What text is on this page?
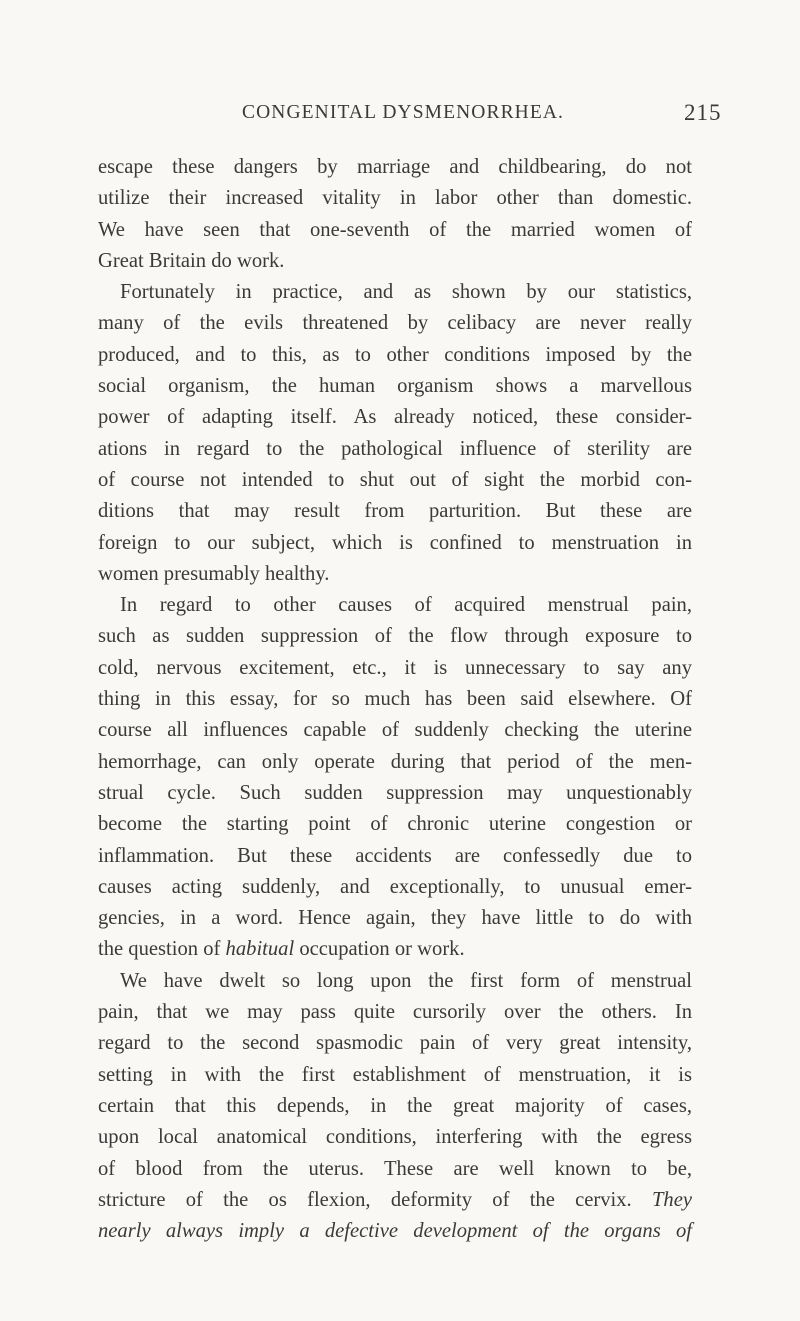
CONGENITAL DYSMENORRHEA.	215
escape these dangers by marriage and childbearing, do not
utilize their increased vitality in labor other than domestic.
We have seen that one-seventh of the married women of
Great Britain do work.
Fortunately in practice, and as shown by our statistics,
many of the evils threatened by celibacy are never really
produced, and to this, as to other conditions imposed by the
social organism, the human organism shows a marvellous
power of adapting itself. As already noticed, these consider-
ations in regard to the pathological influence of sterility are
of course not intended to shut out of sight the morbid con-
ditions that may result from parturition. But these are
foreign to our subject, which is confined to menstruation in
women presumably healthy.
In regard to other causes of acquired menstrual pain,
such as sudden suppression of the flow through exposure to
cold, nervous excitement, etc., it is unnecessary to say any
thing in this essay, for so much has been said elsewhere. Of
course all influences capable of suddenly checking the uterine
hemorrhage, can only operate during that period of the men-
strual cycle. Such sudden suppression may unquestionably
become the starting point of chronic uterine congestion or
inflammation. But these accidents are confessedly due to
causes acting suddenly, and exceptionally, to unusual emer-
gencies, in a word. Hence again, they have little to do with
the question of habitual occupation or work.
We have dwelt so long upon the first form of menstrual
pain, that we may pass quite cursorily over the others. In
regard to the second spasmodic pain of very great intensity,
setting in with the first establishment of menstruation, it is
certain that this depends, in the great majority of cases,
upon local anatomical conditions, interfering with the egress
of blood from the uterus. These are well known to be,
stricture of the os flexion, deformity of the cervix. They
nearly always imply a defective development of the organs of
